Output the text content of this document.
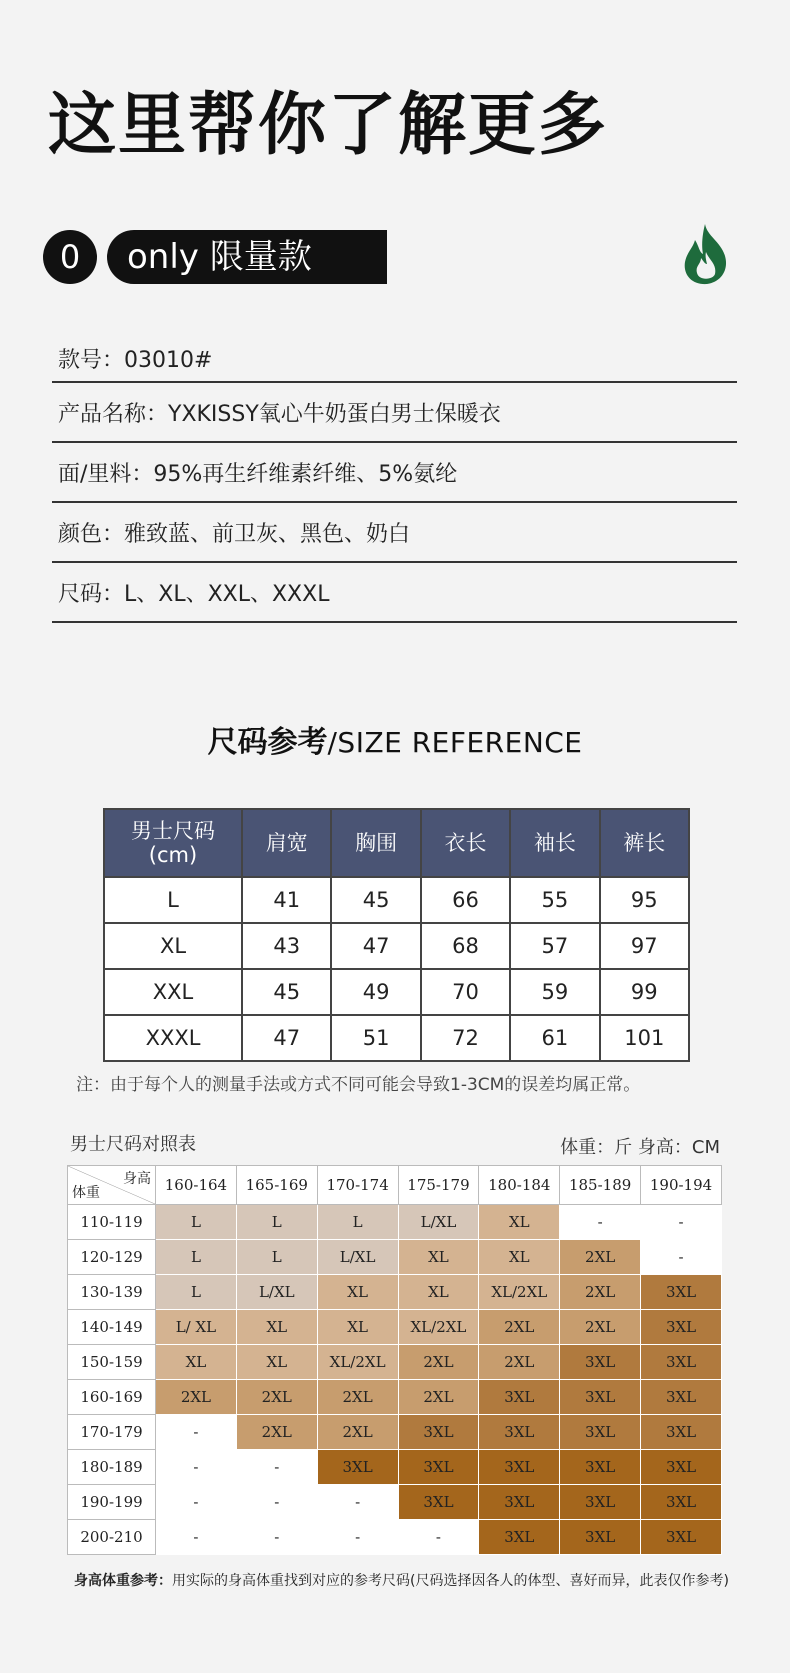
这里帮你了解更多
0	only 限量款
款号：03010#
产品名称：YXKISSY氧心牛奶蛋白男士保暖衣
面/里料：95%再生纤维素纤维、5%氨纶
颜色：雅致蓝、前卫灰、黑色、奶白
尺码：L、XL、XXL、XXXL
尺码参考/SIZE REFERENCE
男士尺码
(cm)	肩宽	胸围	衣长	袖长	裤长
L	41	45	66	55	95
XL	43	47	68	57	97
XXL	45	49	70	59	99
XXXL	47	51	72	61	101
注：由于每个人的测量手法或方式不同可能会导致1-3CM的误差均属正常。
男士尺码对照表	体重：斤 身高：CM
身高
体重	160-164	165-169	170-174	175-179	180-184	185-189	190-194
110-119	L	L	L	L/XL	XL	-	-
120-129	L	L	L/XL	XL	XL	2XL	-
130-139	L	L/XL	XL	XL	XL/2XL	2XL	3XL
140-149	L/ XL	XL	XL	XL/2XL	2XL	2XL	3XL
150-159	XL	XL	XL/2XL	2XL	2XL	3XL	3XL
160-169	2XL	2XL	2XL	2XL	3XL	3XL	3XL
170-179	-	2XL	2XL	3XL	3XL	3XL	3XL
180-189	-	-	3XL	3XL	3XL	3XL	3XL
190-199	-	-	-	3XL	3XL	3XL	3XL
200-210	-	-	-	-	3XL	3XL	3XL
身高体重参考：用实际的身高体重找到对应的参考尺码(尺码选择因各人的体型、喜好而异，此表仅作参考)
